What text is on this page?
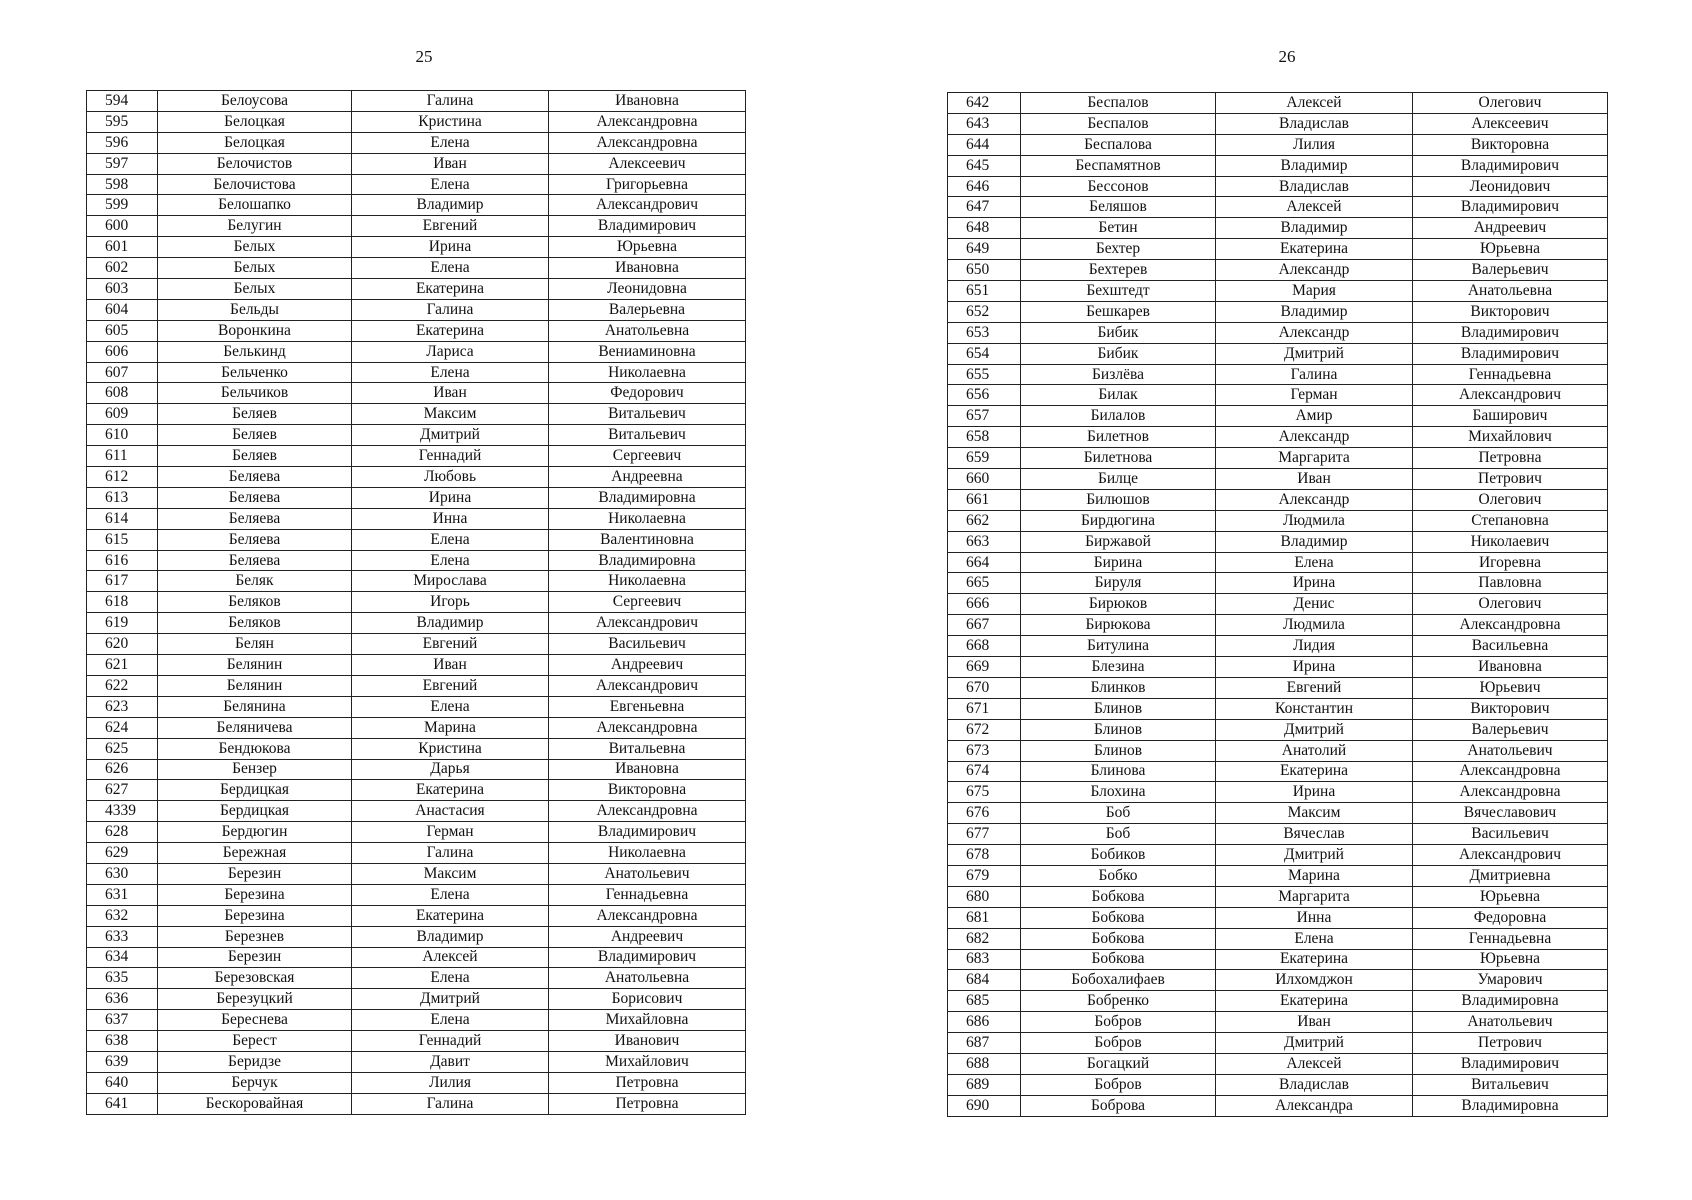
25	26
594	Белоусова	Галина	Ивановна
595	Белоцкая	Кристина	Александровна
596	Белоцкая	Елена	Александровна
597	Белочистов	Иван	Алексеевич
598	Белочистова	Елена	Григорьевна
599	Белошапко	Владимир	Александрович
600	Белугин	Евгений	Владимирович
601	Белых	Ирина	Юрьевна
602	Белых	Елена	Ивановна
603	Белых	Екатерина	Леонидовна
604	Бельды	Галина	Валерьевна
605	Воронкина	Екатерина	Анатольевна
606	Белькинд	Лариса	Вениаминовна
607	Бельченко	Елена	Николаевна
608	Бельчиков	Иван	Федорович
609	Беляев	Максим	Витальевич
610	Беляев	Дмитрий	Витальевич
611	Беляев	Геннадий	Сергеевич
612	Беляева	Любовь	Андреевна
613	Беляева	Ирина	Владимировна
614	Беляева	Инна	Николаевна
615	Беляева	Елена	Валентиновна
616	Беляева	Елена	Владимировна
617	Беляк	Мирослава	Николаевна
618	Беляков	Игорь	Сергеевич
619	Беляков	Владимир	Александрович
620	Белян	Евгений	Васильевич
621	Белянин	Иван	Андреевич
622	Белянин	Евгений	Александрович
623	Белянина	Елена	Евгеньевна
624	Беляничева	Марина	Александровна
625	Бендюкова	Кристина	Витальевна
626	Бензер	Дарья	Ивановна
627	Бердицкая	Екатерина	Викторовна
4339	Бердицкая	Анастасия	Александровна
628	Бердюгин	Герман	Владимирович
629	Бережная	Галина	Николаевна
630	Березин	Максим	Анатольевич
631	Березина	Елена	Геннадьевна
632	Березина	Екатерина	Александровна
633	Березнев	Владимир	Андреевич
634	Березин	Алексей	Владимирович
635	Березовская	Елена	Анатольевна
636	Березуцкий	Дмитрий	Борисович
637	Береснева	Елена	Михайловна
638	Берест	Геннадий	Иванович
639	Беридзе	Давит	Михайлович
640	Берчук	Лилия	Петровна
641	Бескоровайная	Галина	Петровна
642	Беспалов	Алексей	Олегович
643	Беспалов	Владислав	Алексеевич
644	Беспалова	Лилия	Викторовна
645	Беспамятнов	Владимир	Владимирович
646	Бессонов	Владислав	Леонидович
647	Беляшов	Алексей	Владимирович
648	Бетин	Владимир	Андреевич
649	Бехтер	Екатерина	Юрьевна
650	Бехтерев	Александр	Валерьевич
651	Бехштедт	Мария	Анатольевна
652	Бешкарев	Владимир	Викторович
653	Бибик	Александр	Владимирович
654	Бибик	Дмитрий	Владимирович
655	Бизлёва	Галина	Геннадьевна
656	Билак	Герман	Александрович
657	Билалов	Амир	Баширович
658	Билетнов	Александр	Михайлович
659	Билетнова	Маргарита	Петровна
660	Билце	Иван	Петрович
661	Билюшов	Александр	Олегович
662	Бирдюгина	Людмила	Степановна
663	Биржавой	Владимир	Николаевич
664	Бирина	Елена	Игоревна
665	Бируля	Ирина	Павловна
666	Бирюков	Денис	Олегович
667	Бирюкова	Людмила	Александровна
668	Битулина	Лидия	Васильевна
669	Блезина	Ирина	Ивановна
670	Блинков	Евгений	Юрьевич
671	Блинов	Константин	Викторович
672	Блинов	Дмитрий	Валерьевич
673	Блинов	Анатолий	Анатольевич
674	Блинова	Екатерина	Александровна
675	Блохина	Ирина	Александровна
676	Боб	Максим	Вячеславович
677	Боб	Вячеслав	Васильевич
678	Бобиков	Дмитрий	Александрович
679	Бобко	Марина	Дмитриевна
680	Бобкова	Маргарита	Юрьевна
681	Бобкова	Инна	Федоровна
682	Бобкова	Елена	Геннадьевна
683	Бобкова	Екатерина	Юрьевна
684	Бобохалифаев	Илхомджон	Умарович
685	Бобренко	Екатерина	Владимировна
686	Бобров	Иван	Анатольевич
687	Бобров	Дмитрий	Петрович
688	Богацкий	Алексей	Владимирович
689	Бобров	Владислав	Витальевич
690	Боброва	Александра	Владимировна
